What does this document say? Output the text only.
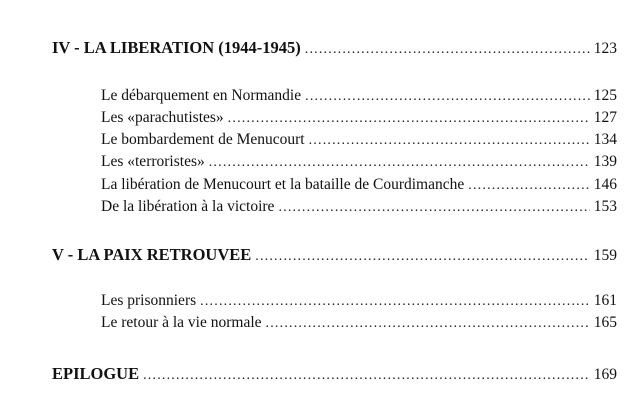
IV - LA LIBERATION (1944-1945) .....	123
Le débarquement en Normandie .....	125
Les «parachutistes» .....	127
Le bombardement de Menucourt .....	134
Les «terroristes» .....	139
La libération de Menucourt et la bataille de Courdimanche .....	146
De la libération à la victoire .....	153
V - LA PAIX RETROUVEE .....	159
Les prisonniers .....	161
Le retour à la vie normale .....	165
EPILOGUE .....	169
